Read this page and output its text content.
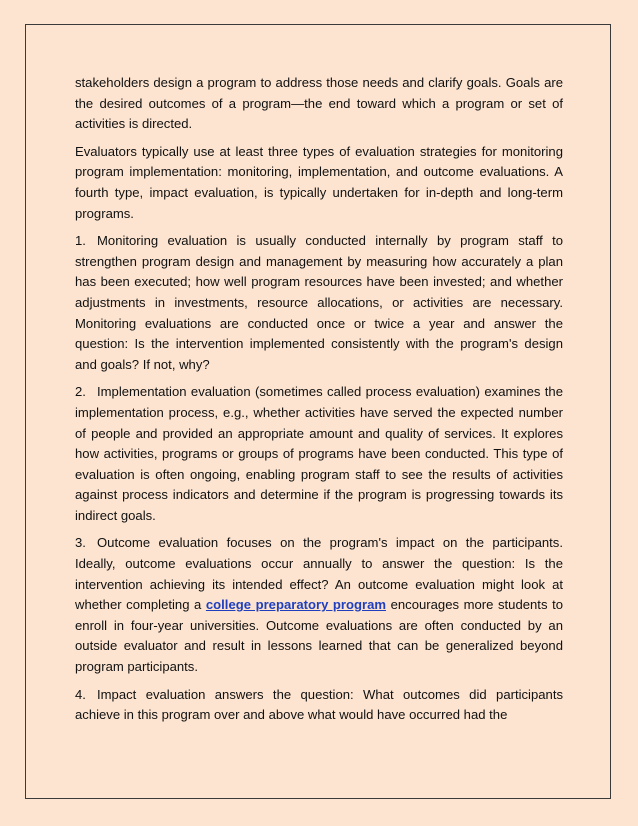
stakeholders design a program to address those needs and clarify goals. Goals are the desired outcomes of a program—the end toward which a program or set of activities is directed.

Evaluators typically use at least three types of evaluation strategies for monitoring program implementation: monitoring, implementation, and outcome evaluations. A fourth type, impact evaluation, is typically undertaken for in-depth and long-term programs.

1. Monitoring evaluation is usually conducted internally by program staff to strengthen program design and management by measuring how accurately a plan has been executed; how well program resources have been invested; and whether adjustments in investments, resource allocations, or activities are necessary. Monitoring evaluations are conducted once or twice a year and answer the question: Is the intervention implemented consistently with the program's design and goals? If not, why?

2. Implementation evaluation (sometimes called process evaluation) examines the implementation process, e.g., whether activities have served the expected number of people and provided an appropriate amount and quality of services. It explores how activities, programs or groups of programs have been conducted. This type of evaluation is often ongoing, enabling program staff to see the results of activities against process indicators and determine if the program is progressing towards its indirect goals.

3. Outcome evaluation focuses on the program's impact on the participants. Ideally, outcome evaluations occur annually to answer the question: Is the intervention achieving its intended effect? An outcome evaluation might look at whether completing a college preparatory program encourages more students to enroll in four-year universities. Outcome evaluations are often conducted by an outside evaluator and result in lessons learned that can be generalized beyond program participants.

4. Impact evaluation answers the question: What outcomes did participants achieve in this program over and above what would have occurred had the
